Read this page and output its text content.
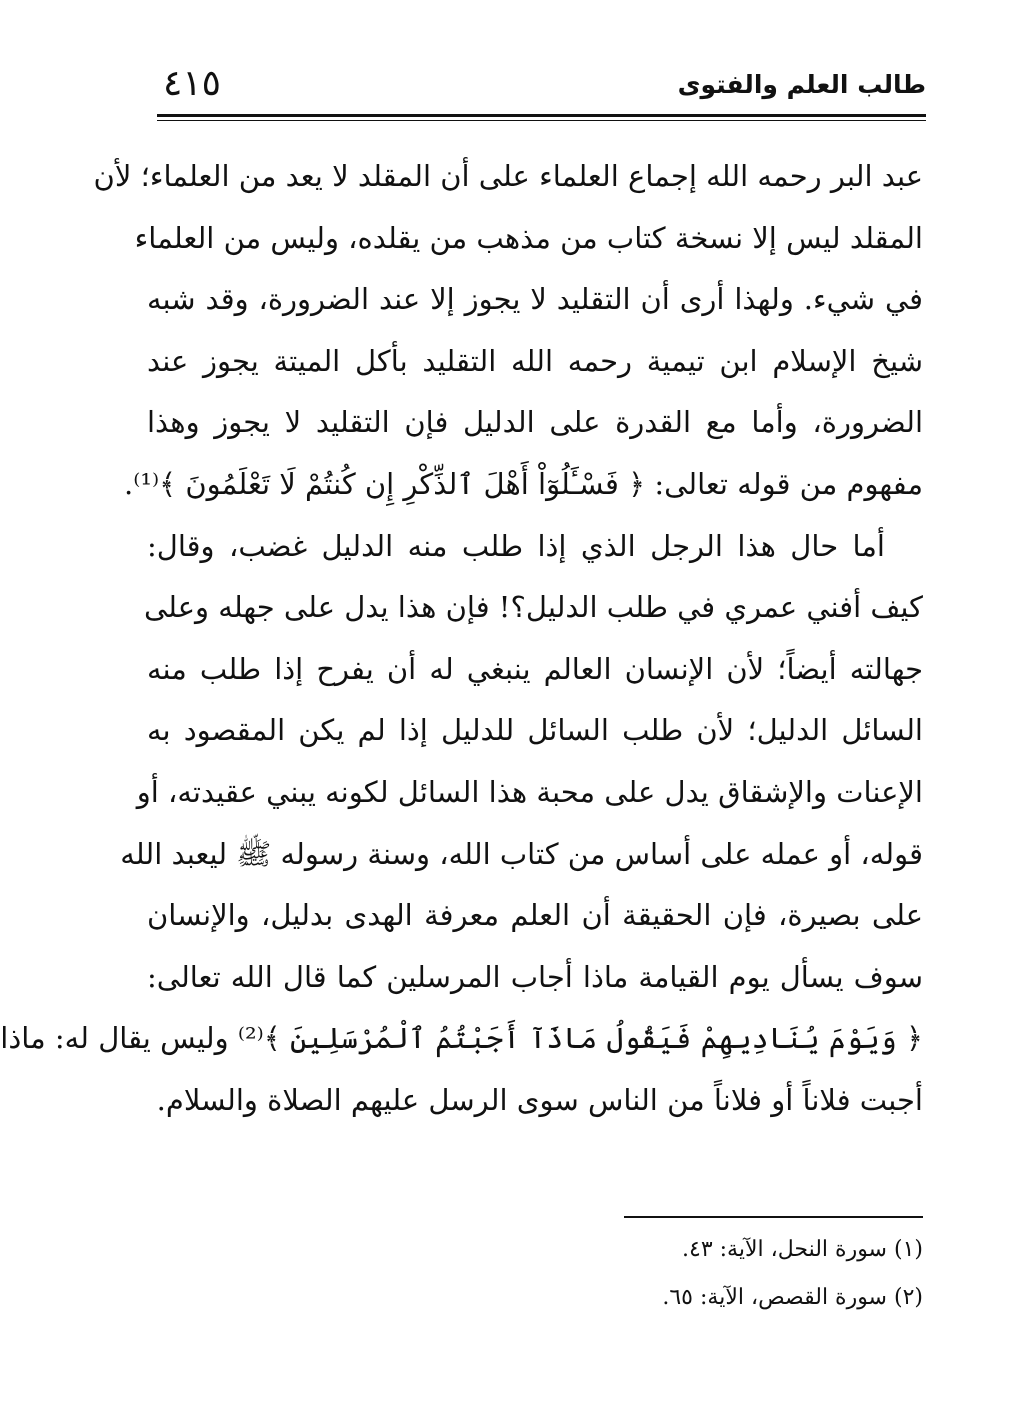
طالب العلم والفتوى
٤١٥
عبد البر رحمه الله إجماع العلماء على أن المقلد لا يعد من العلماء؛ لأن
المقلد ليس إلا نسخة كتاب من مذهب من يقلده، وليس من العلماء
في شيء. ولهذا أرى أن التقليد لا يجوز إلا عند الضرورة، وقد شبه
شيخ الإسلام ابن تيمية رحمه الله التقليد بأكل الميتة يجوز عند
الضرورة، وأما مع القدرة على الدليل فإن التقليد لا يجوز وهذا
مفهوم من قوله تعالى: ﴿ فَسْـَٔلُوٓاْ أَهْلَ ٱلذِّكْرِ إِن كُنتُمْ لَا تَعْلَمُونَ ﴾⁽¹⁾.
أما حال هذا الرجل الذي إذا طلب منه الدليل غضب، وقال:
كيف أفني عمري في طلب الدليل؟! فإن هذا يدل على جهله وعلى
جهالته أيضاً؛ لأن الإنسان العالم ينبغي له أن يفرح إذا طلب منه
السائل الدليل؛ لأن طلب السائل للدليل إذا لم يكن المقصود به
الإعنات والإشقاق يدل على محبة هذا السائل لكونه يبني عقيدته، أو
قوله، أو عمله على أساس من كتاب الله، وسنة رسوله ﷺ ليعبد الله
على بصيرة، فإن الحقيقة أن العلم معرفة الهدى بدليل، والإنسان
سوف يسأل يوم القيامة ماذا أجاب المرسلين كما قال الله تعالى:
﴿ وَيَوْمَ يُنَادِيهِمْ فَيَقُولُ مَاذَآ أَجَبْتُمُ ٱلْمُرْسَلِينَ ﴾⁽²⁾ وليس يقال له: ماذا
أجبت فلاناً أو فلاناً من الناس سوى الرسل عليهم الصلاة والسلام.
(١) سورة النحل، الآية: ٤٣.
(٢) سورة القصص، الآية: ٦٥.
